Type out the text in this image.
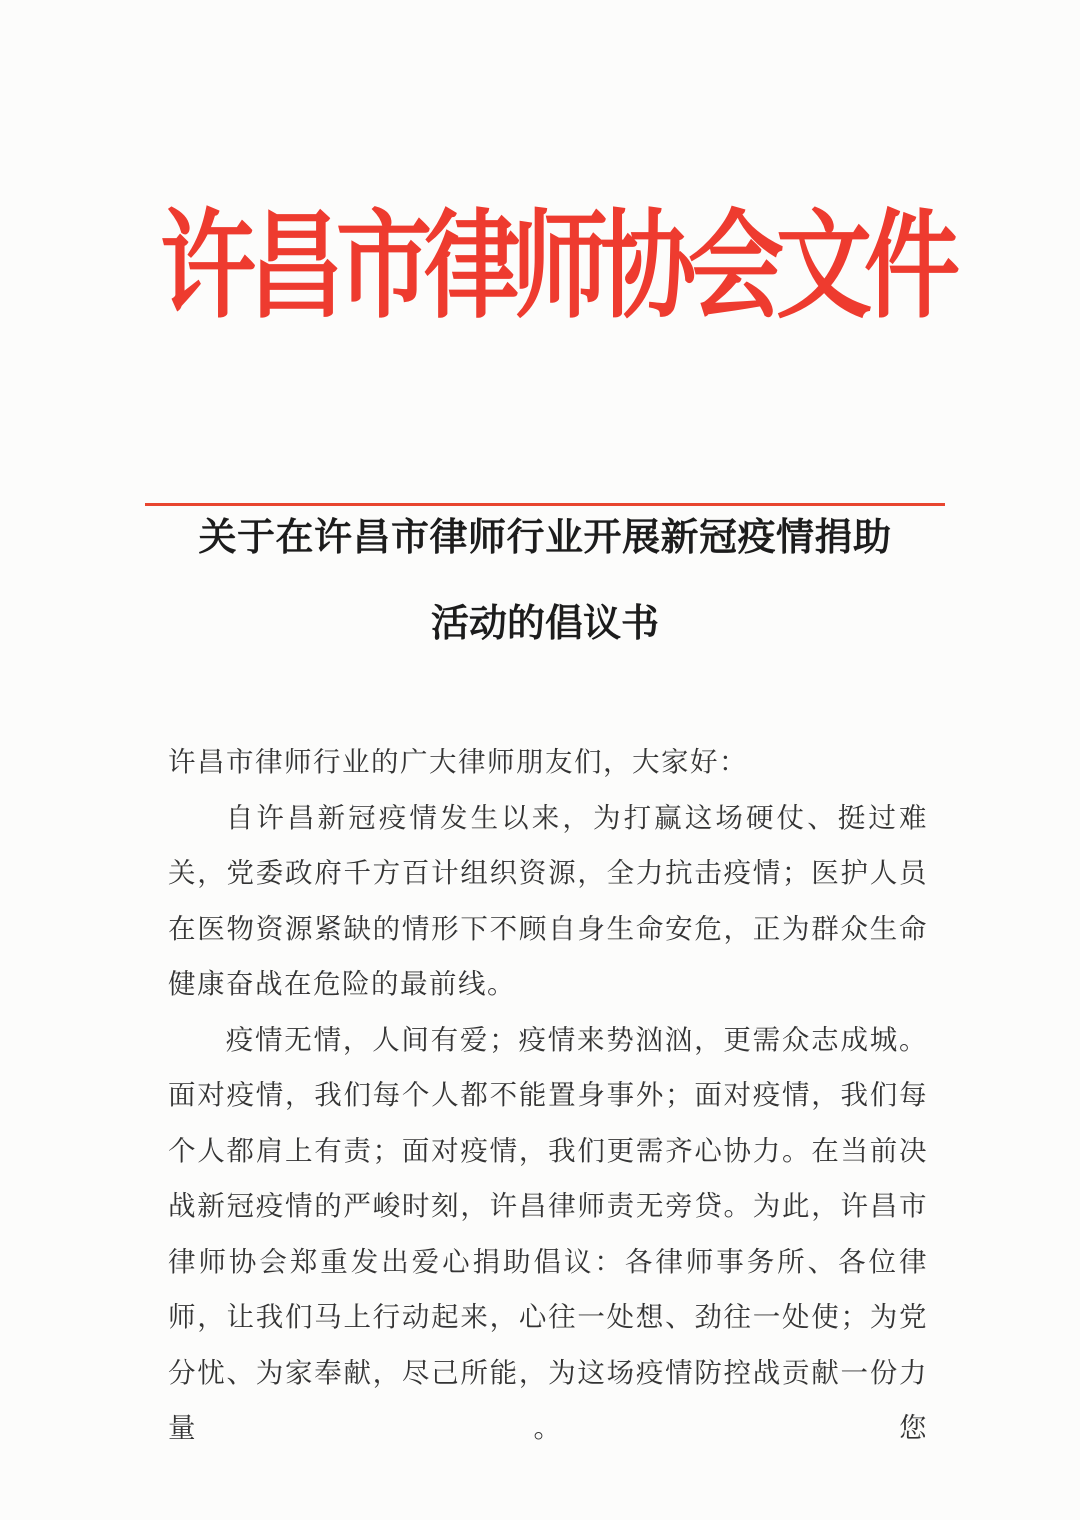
许昌市律师协会文件
关于在许昌市律师行业开展新冠疫情捐助
活动的倡议书

许昌市律师行业的广大律师朋友们，大家好：

自许昌新冠疫情发生以来，为打赢这场硬仗、挺过难关，党委政府千方百计组织资源，全力抗击疫情；医护人员在医物资源紧缺的情形下不顾自身生命安危，正为群众生命健康奋战在危险的最前线。

疫情无情，人间有爱；疫情来势汹汹，更需众志成城。面对疫情，我们每个人都不能置身事外；面对疫情，我们每个人都肩上有责；面对疫情，我们更需齐心协力。在当前决战新冠疫情的严峻时刻，许昌律师责无旁贷。为此，许昌市律师协会郑重发出爱心捐助倡议：各律师事务所、各位律师，让我们马上行动起来，心往一处想、劲往一处使；为党分忧、为家奉献，尽己所能，为这场疫情防控战贡献一份力量。您
